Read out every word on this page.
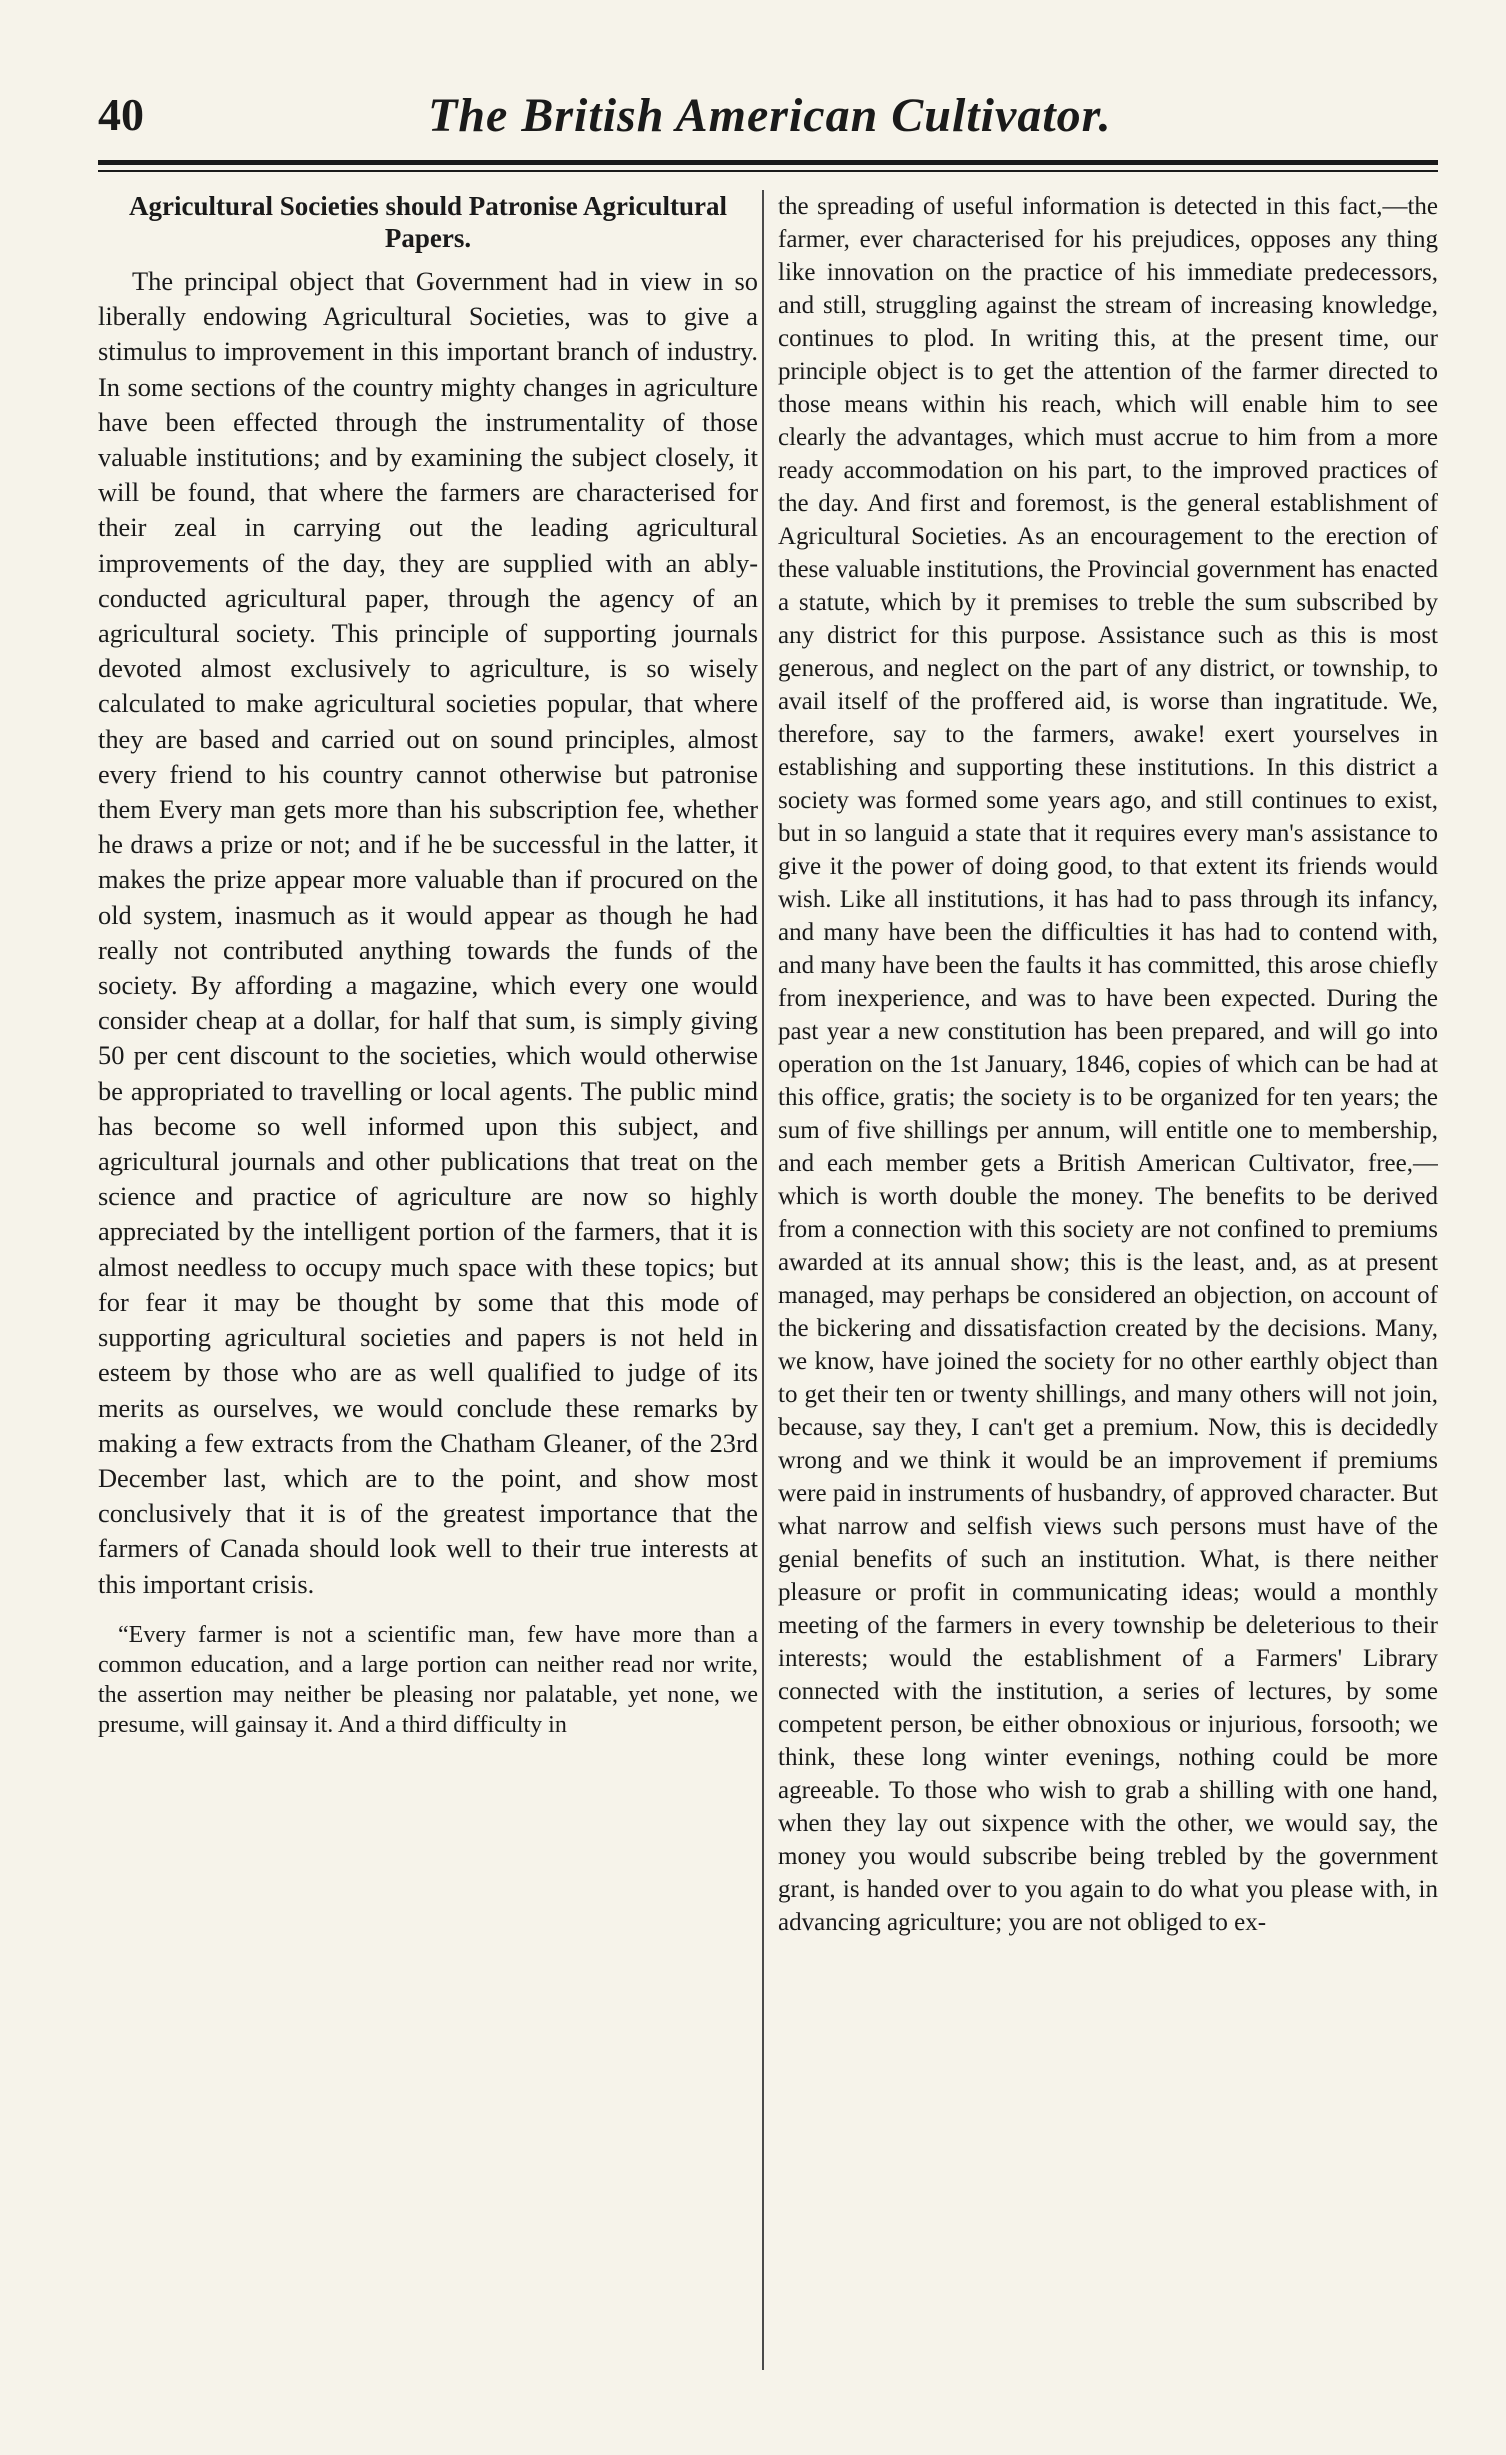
40	The British American Cultivator.
Agricultural Societies should Patronise Agricultural Papers.

The principal object that Government had in view in so liberally endowing Agricultural Societies, was to give a stimulus to improvement in this important branch of industry. In some sections of the country mighty changes in agriculture have been effected through the instrumentality of those valuable institutions; and by examining the subject closely, it will be found, that where the farmers are characterised for their zeal in carrying out the leading agricultural improvements of the day, they are supplied with an ably-conducted agricultural paper, through the agency of an agricultural society. This principle of supporting journals devoted almost exclusively to agriculture, is so wisely calculated to make agricultural societies popular, that where they are based and carried out on sound principles, almost every friend to his country cannot otherwise but patronise them Every man gets more than his subscription fee, whether he draws a prize or not; and if he be successful in the latter, it makes the prize appear more valuable than if procured on the old system, inasmuch as it would appear as though he had really not contributed anything towards the funds of the society. By affording a magazine, which every one would consider cheap at a dollar, for half that sum, is simply giving 50 per cent discount to the societies, which would otherwise be appropriated to travelling or local agents. The public mind has become so well informed upon this subject, and agricultural journals and other publications that treat on the science and practice of agriculture are now so highly appreciated by the intelligent portion of the farmers, that it is almost needless to occupy much space with these topics; but for fear it may be thought by some that this mode of supporting agricultural societies and papers is not held in esteem by those who are as well qualified to judge of its merits as ourselves, we would conclude these remarks by making a few extracts from the Chatham Gleaner, of the 23rd December last, which are to the point, and show most conclusively that it is of the greatest importance that the farmers of Canada should look well to their true interests at this important crisis.

“Every farmer is not a scientific man, few have more than a common education, and a large portion can neither read nor write, the assertion may neither be pleasing nor palatable, yet none, we presume, will gainsay it. And a third difficulty in

the spreading of useful information is detected in this fact,—the farmer, ever characterised for his prejudices, opposes any thing like innovation on the practice of his immediate predecessors, and still, struggling against the stream of increasing knowledge, continues to plod. In writing this, at the present time, our principle object is to get the attention of the farmer directed to those means within his reach, which will enable him to see clearly the advantages, which must accrue to him from a more ready accommodation on his part, to the improved practices of the day. And first and foremost, is the general establishment of Agricultural Societies. As an encouragement to the erection of these valuable institutions, the Provincial government has enacted a statute, which by it premises to treble the sum subscribed by any district for this purpose. Assistance such as this is most generous, and neglect on the part of any district, or township, to avail itself of the proffered aid, is worse than ingratitude. We, therefore, say to the farmers, awake! exert yourselves in establishing and supporting these institutions. In this district a society was formed some years ago, and still continues to exist, but in so languid a state that it requires every man's assistance to give it the power of doing good, to that extent its friends would wish. Like all institutions, it has had to pass through its infancy, and many have been the difficulties it has had to contend with, and many have been the faults it has committed, this arose chiefly from inexperience, and was to have been expected. During the past year a new constitution has been prepared, and will go into operation on the 1st January, 1846, copies of which can be had at this office, gratis; the society is to be organized for ten years; the sum of five shillings per annum, will entitle one to membership, and each member gets a British American Cultivator, free,—which is worth double the money. The benefits to be derived from a connection with this society are not confined to premiums awarded at its annual show; this is the least, and, as at present managed, may perhaps be considered an objection, on account of the bickering and dissatisfaction created by the decisions. Many, we know, have joined the society for no other earthly object than to get their ten or twenty shillings, and many others will not join, because, say they, I can't get a premium. Now, this is decidedly wrong and we think it would be an improvement if premiums were paid in instruments of husbandry, of approved character. But what narrow and selfish views such persons must have of the genial benefits of such an institution. What, is there neither pleasure or profit in communicating ideas; would a monthly meeting of the farmers in every township be deleterious to their interests; would the establishment of a Farmers' Library connected with the institution, a series of lectures, by some competent person, be either obnoxious or injurious, forsooth; we think, these long winter evenings, nothing could be more agreeable. To those who wish to grab a shilling with one hand, when they lay out sixpence with the other, we would say, the money you would subscribe being trebled by the government grant, is handed over to you again to do what you please with, in advancing agriculture; you are not obliged to ex-
